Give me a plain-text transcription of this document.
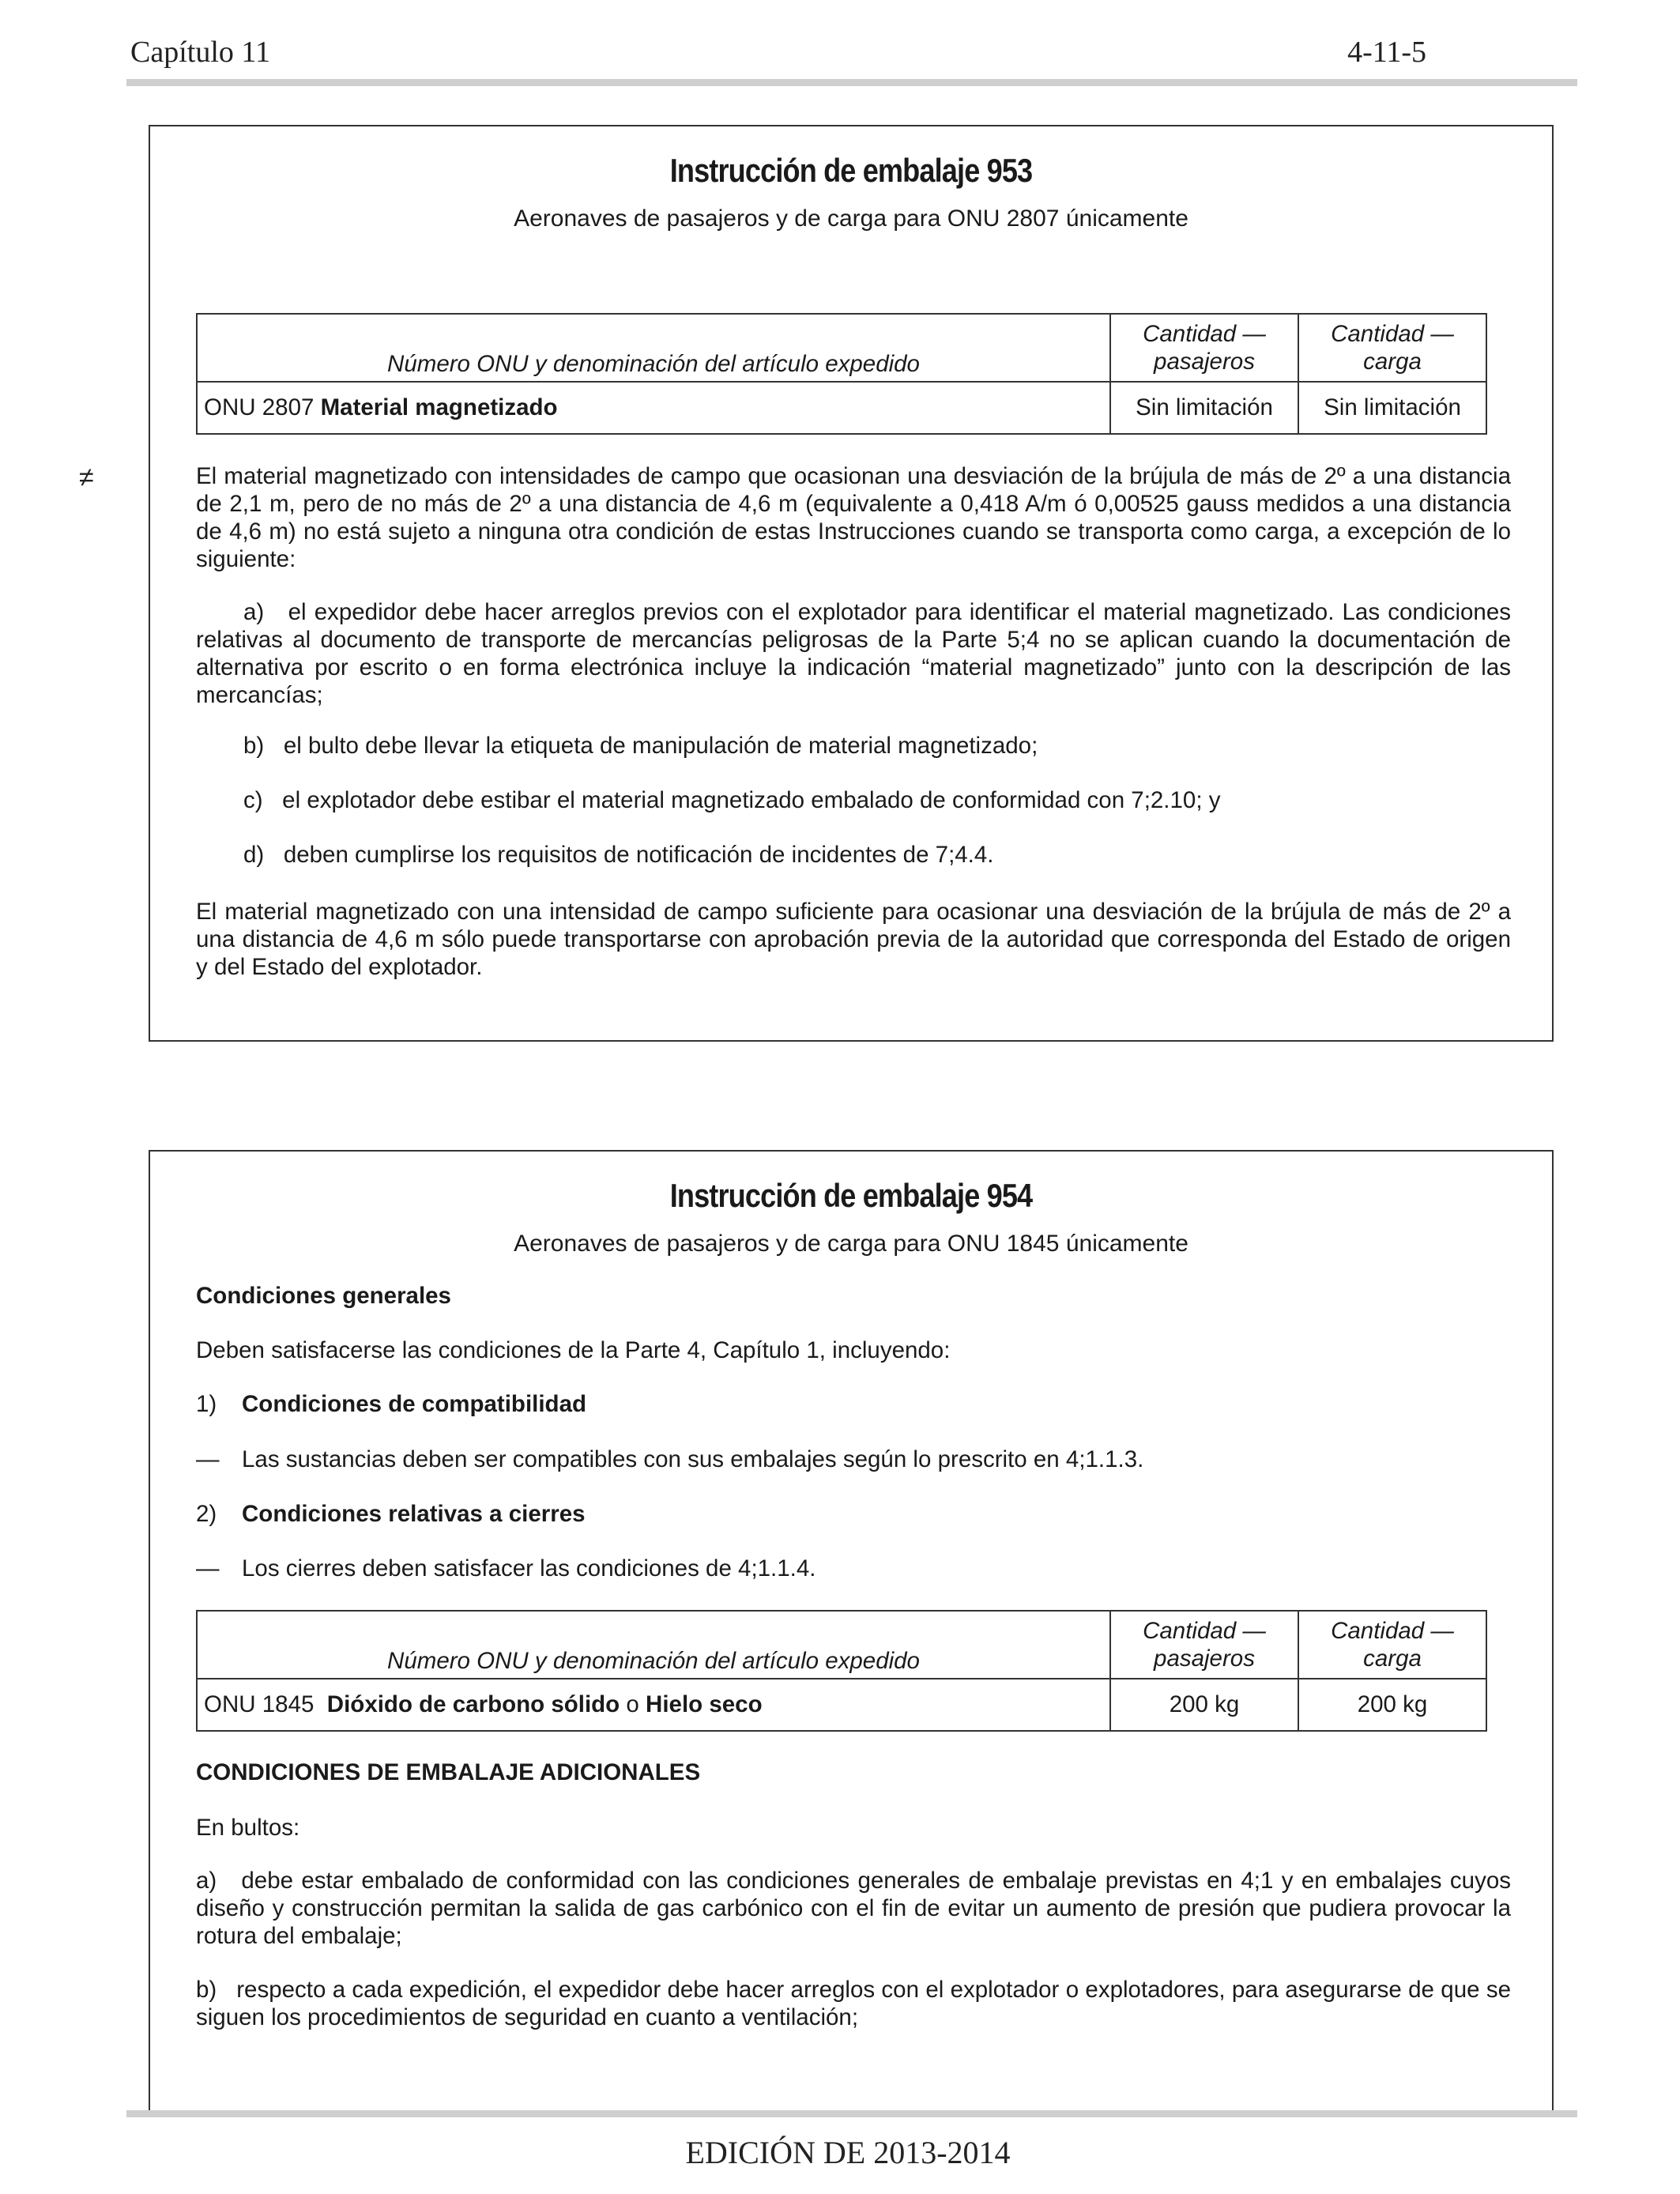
Capítulo 11	4-11-5
≠
Instrucción de embalaje 953
Aeronaves de pasajeros y de carga para ONU 2807 únicamente
Número ONU y denominación del artículo expedido	Cantidad — pasajeros	Cantidad — carga
ONU 2807 Material magnetizado	Sin limitación	Sin limitación
El material magnetizado con intensidades de campo que ocasionan una desviación de la brújula de más de 2º a una distancia de 2,1 m, pero de no más de 2º a una distancia de 4,6 m (equivalente a 0,418 A/m ó 0,00525 gauss medidos a una distancia de 4,6 m) no está sujeto a ninguna otra condición de estas Instrucciones cuando se transporta como carga, a excepción de lo siguiente:
a) el expedidor debe hacer arreglos previos con el explotador para identificar el material magnetizado. Las condiciones relativas al documento de transporte de mercancías peligrosas de la Parte 5;4 no se aplican cuando la documentación de alternativa por escrito o en forma electrónica incluye la indicación “material magnetizado” junto con la descripción de las mercancías;
b) el bulto debe llevar la etiqueta de manipulación de material magnetizado;
c) el explotador debe estibar el material magnetizado embalado de conformidad con 7;2.10; y
d) deben cumplirse los requisitos de notificación de incidentes de 7;4.4.
El material magnetizado con una intensidad de campo suficiente para ocasionar una desviación de la brújula de más de 2º a una distancia de 4,6 m sólo puede transportarse con aprobación previa de la autoridad que corresponda del Estado de origen y del Estado del explotador.
Instrucción de embalaje 954
Aeronaves de pasajeros y de carga para ONU 1845 únicamente
Condiciones generales
Deben satisfacerse las condiciones de la Parte 4, Capítulo 1, incluyendo:
1) Condiciones de compatibilidad
— Las sustancias deben ser compatibles con sus embalajes según lo prescrito en 4;1.1.3.
2) Condiciones relativas a cierres
— Los cierres deben satisfacer las condiciones de 4;1.1.4.
Número ONU y denominación del artículo expedido	Cantidad — pasajeros	Cantidad — carga
ONU 1845 Dióxido de carbono sólido o Hielo seco	200 kg	200 kg
CONDICIONES DE EMBALAJE ADICIONALES
En bultos:
a) debe estar embalado de conformidad con las condiciones generales de embalaje previstas en 4;1 y en embalajes cuyos diseño y construcción permitan la salida de gas carbónico con el fin de evitar un aumento de presión que pudiera provocar la rotura del embalaje;
b) respecto a cada expedición, el expedidor debe hacer arreglos con el explotador o explotadores, para asegurarse de que se siguen los procedimientos de seguridad en cuanto a ventilación;
EDICIÓN DE 2013-2014
